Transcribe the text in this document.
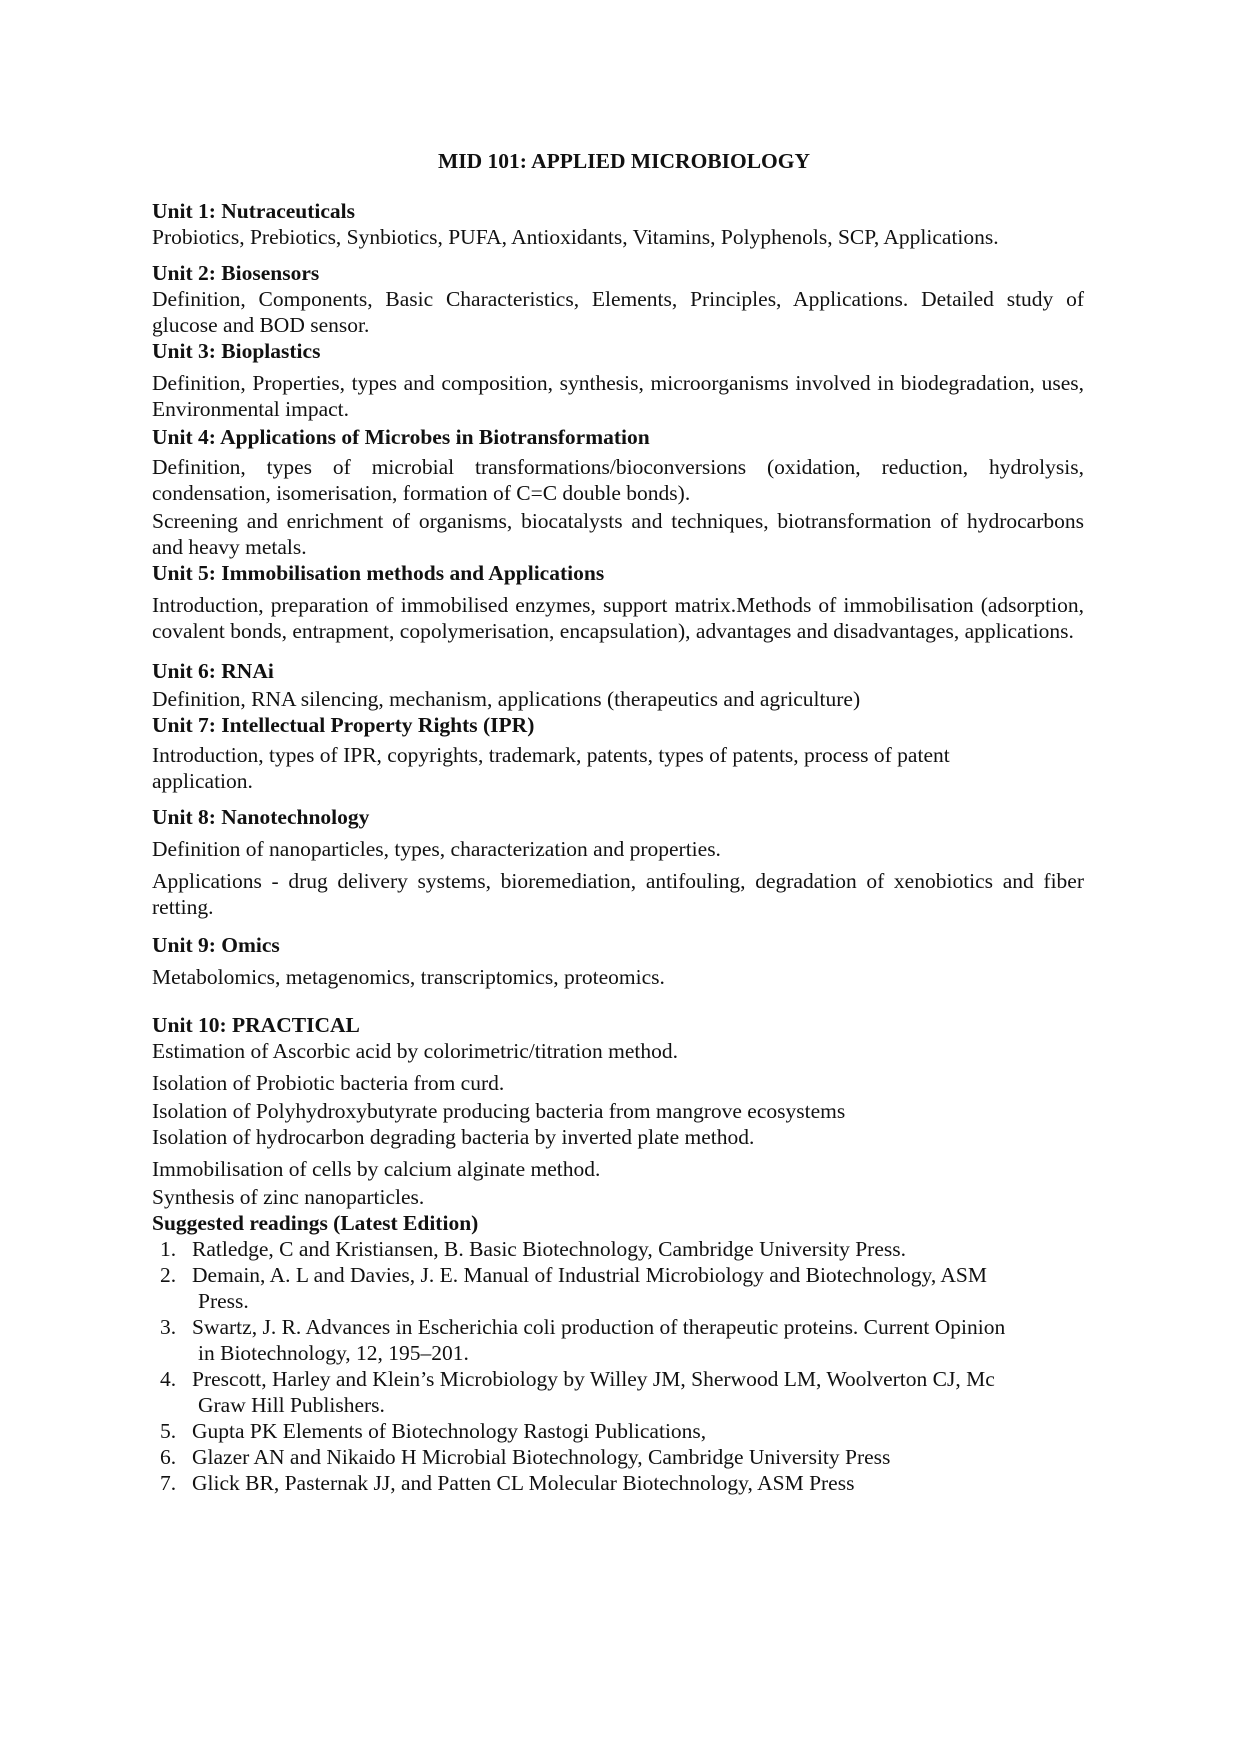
MID 101: APPLIED MICROBIOLOGY
Unit 1: Nutraceuticals
Probiotics, Prebiotics, Synbiotics, PUFA, Antioxidants, Vitamins, Polyphenols, SCP, Applications.
Unit 2: Biosensors
Definition, Components, Basic Characteristics, Elements, Principles, Applications. Detailed study of glucose and BOD sensor.
Unit 3: Bioplastics
Definition, Properties, types and composition, synthesis, microorganisms involved in biodegradation, uses, Environmental impact.
Unit 4: Applications of Microbes in Biotransformation
Definition, types of microbial transformations/bioconversions (oxidation, reduction, hydrolysis, condensation, isomerisation, formation of C=C double bonds).
Screening and enrichment of organisms, biocatalysts and techniques, biotransformation of hydrocarbons and heavy metals.
Unit 5: Immobilisation methods and Applications
Introduction, preparation of immobilised enzymes, support matrix.Methods of immobilisation (adsorption, covalent bonds, entrapment, copolymerisation, encapsulation), advantages and disadvantages, applications.
Unit 6: RNAi
Definition, RNA silencing, mechanism, applications (therapeutics and agriculture)
Unit 7: Intellectual Property Rights (IPR)
Introduction, types of IPR, copyrights, trademark, patents, types of patents, process of patent application.
Unit 8: Nanotechnology
Definition of nanoparticles, types, characterization and properties.
Applications - drug delivery systems, bioremediation, antifouling, degradation of xenobiotics and fiber retting.
Unit 9: Omics
Metabolomics, metagenomics, transcriptomics, proteomics.
Unit 10: PRACTICAL
Estimation of Ascorbic acid by colorimetric/titration method.
Isolation of Probiotic bacteria from curd.
Isolation of Polyhydroxybutyrate producing bacteria from mangrove ecosystems
Isolation of hydrocarbon degrading bacteria by inverted plate method.
Immobilisation of cells by calcium alginate method.
Synthesis of zinc nanoparticles.
Suggested readings (Latest Edition)
1. Ratledge, C and Kristiansen, B. Basic Biotechnology, Cambridge University Press.
2. Demain, A. L and Davies, J. E. Manual of Industrial Microbiology and Biotechnology, ASM
Press.
3. Swartz, J. R. Advances in Escherichia coli production of therapeutic proteins. Current Opinion
in Biotechnology, 12, 195–201.
4. Prescott, Harley and Klein’s Microbiology by Willey JM, Sherwood LM, Woolverton CJ, Mc
Graw Hill Publishers.
5. Gupta PK Elements of Biotechnology Rastogi Publications,
6. Glazer AN and Nikaido H Microbial Biotechnology, Cambridge University Press
7. Glick BR, Pasternak JJ, and Patten CL Molecular Biotechnology, ASM Press
